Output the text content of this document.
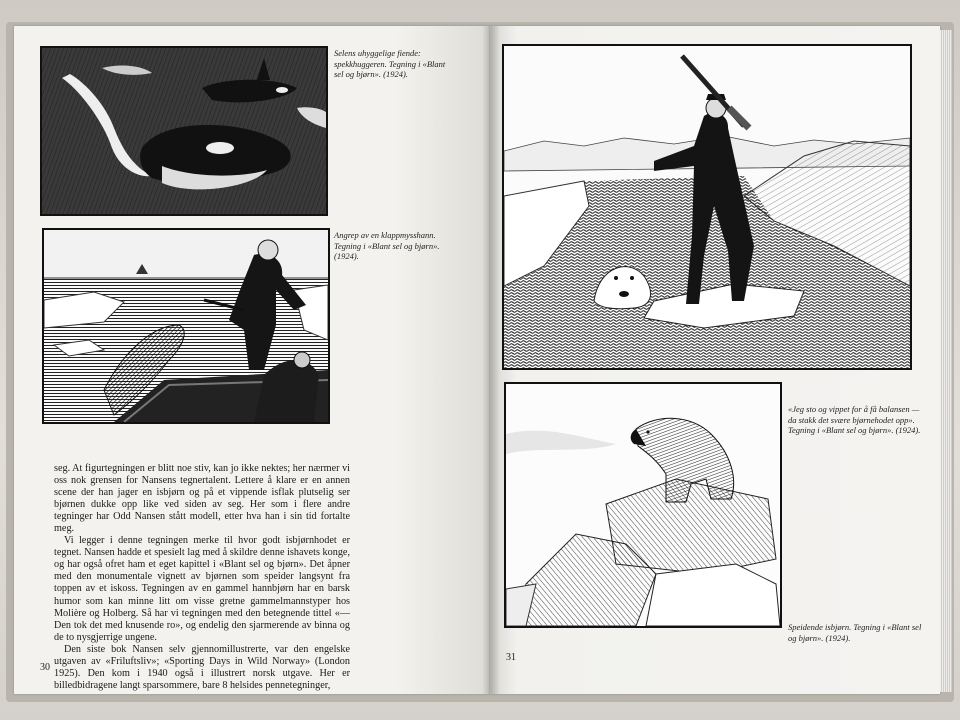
Selens uhyggelige fiende: spekkhuggeren. Tegning i «Blant sel og bjørn». (1924).
Angrep av en klappmysshann. Tegning i «Blant sel og bjørn». (1924).

seg. At figurtegningen er blitt noe stiv, kan jo ikke nektes; her nærmer vi oss nok grensen for Nansens tegnertalent. Lettere å klare er en annen scene der han jager en isbjørn og på et vippende isflak plutselig ser bjørnen dukke opp like ved siden av seg. Her som i flere andre tegninger har Odd Nansen stått modell, etter hva han i sin tid fortalte meg.

Vi legger i denne tegningen merke til hvor godt isbjørnhodet er tegnet. Nansen hadde et spesielt lag med å skildre denne ishavets konge, og har også ofret ham et eget kapittel i «Blant sel og bjørn». Det åpner med den monumentale vignett av bjørnen som speider langsynt fra toppen av et iskoss. Tegningen av en gammel hannbjørn har en barsk humor som kan minne litt om visse gretne gammelmannstyper hos Molière og Holberg. Så har vi tegningen med den betegnende tittel «— Den tok det med knusende ro», og endelig den sjarmerende av binna og de to nysgjerrige ungene.

Den siste bok Nansen selv gjennomillustrerte, var den engelske utgaven av «Friluftsliv»; «Sporting Days in Wild Norway» (London 1925). Den kom i 1940 også i illustrert norsk utgave. Her er billedbidragene langt sparsommere, bare 8 helsides pennetegninger,

30
«Jeg sto og vippet for å få balansen — da stakk det svære bjørnehodet opp». Tegning i «Blant sel og bjørn». (1924).
Speidende isbjørn. Tegning i «Blant sel og bjørn». (1924).
31
